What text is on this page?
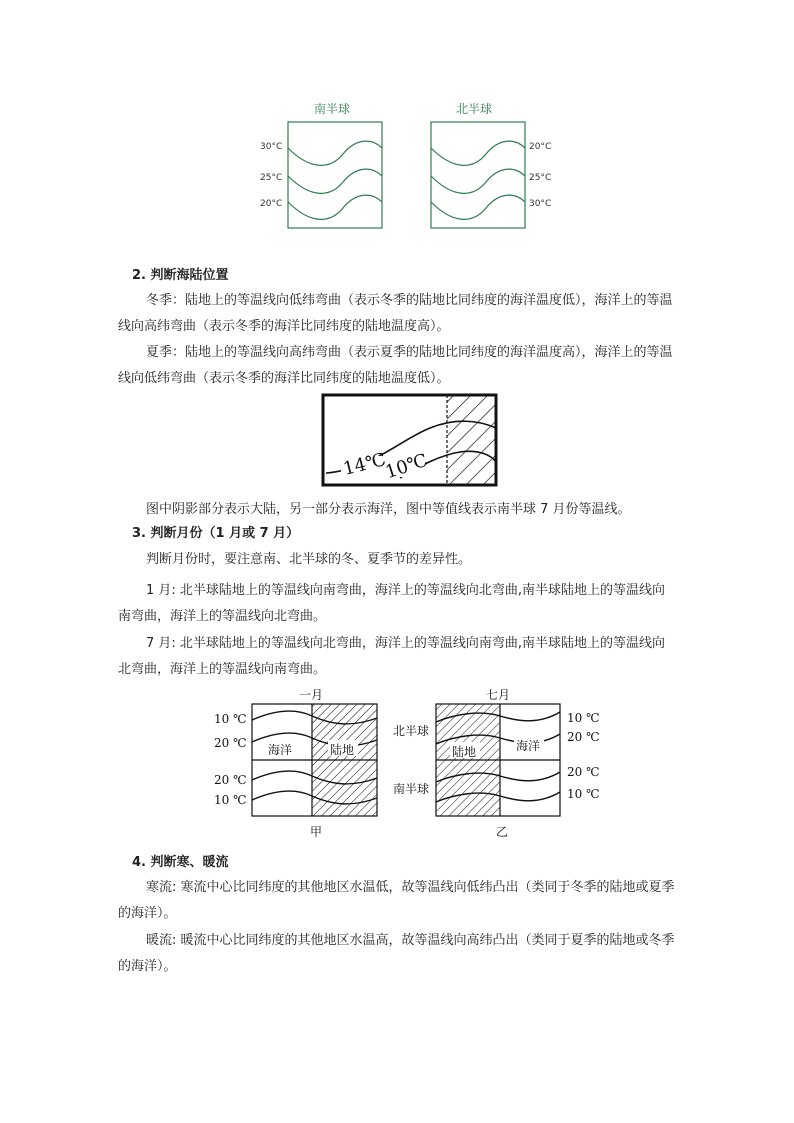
南半球	北半球
30°C
25°C
20°C
20°C
25°C
30°C
2. 判断海陆位置

冬季：陆地上的等温线向低纬弯曲（表示冬季的陆地比同纬度的海洋温度低），海洋上的等温线向高纬弯曲（表示冬季的海洋比同纬度的陆地温度高）。

夏季：陆地上的等温线向高纬弯曲（表示夏季的陆地比同纬度的海洋温度高），海洋上的等温线向低纬弯曲（表示冬季的海洋比同纬度的陆地温度低）。

14℃
10℃

图中阴影部分表示大陆，另一部分表示海洋，图中等值线表示南半球 7 月份等温线。

3. 判断月份（1 月或 7 月）

判断月份时，要注意南、北半球的冬、夏季节的差异性。

1 月: 北半球陆地上的等温线向南弯曲，海洋上的等温线向北弯曲,南半球陆地上的等温线向南弯曲，海洋上的等温线向北弯曲。

7 月: 北半球陆地上的等温线向北弯曲，海洋上的等温线向南弯曲,南半球陆地上的等温线向北弯曲，海洋上的等温线向南弯曲。

一月
10 ℃
20 ℃
20 ℃
10 ℃
海洋	陆地
甲
七月
北半球
南半球
陆地	海洋
10 ℃
20 ℃
20 ℃
10 ℃
乙
4. 判断寒、暖流

寒流: 寒流中心比同纬度的其他地区水温低，故等温线向低纬凸出（类同于冬季的陆地或夏季的海洋）。

暖流: 暖流中心比同纬度的其他地区水温高，故等温线向高纬凸出（类同于夏季的陆地或冬季的海洋）。
